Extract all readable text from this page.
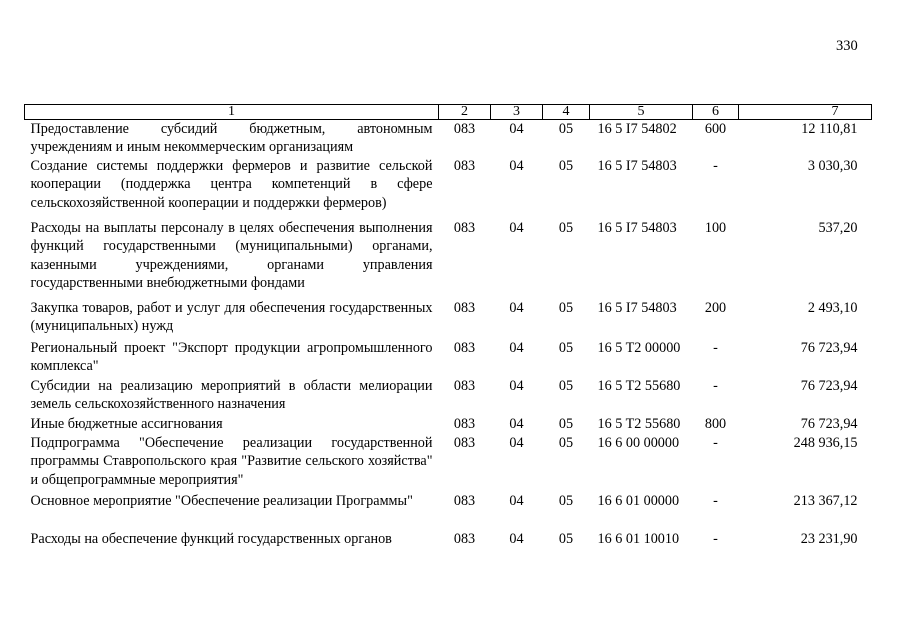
330
1	2	3	4	5	6	7
Предоставление субсидий бюджетным, автономным учреждениям и иным некоммерческим организациям	083	04	05	16 5 I7 54802	600	12 110,81
Создание системы поддержки фермеров и развитие сельской кооперации (поддержка центра компетенций в сфере сельскохозяйственной кооперации и поддержки фермеров)	083	04	05	16 5 I7 54803	-	3 030,30
Расходы на выплаты персоналу в целях обеспечения выполнения функций государственными (муниципальными) органами, казенными учреждениями, органами управления государственными внебюджетными фондами	083	04	05	16 5 I7 54803	100	537,20
Закупка товаров, работ и услуг для обеспечения государственных (муниципальных) нужд	083	04	05	16 5 I7 54803	200	2 493,10
Региональный проект "Экспорт продукции агропромышленного комплекса"	083	04	05	16 5 T2 00000	-	76 723,94
Субсидии на реализацию мероприятий в области мелиорации земель сельскохозяйственного назначения	083	04	05	16 5 T2 55680	-	76 723,94
Иные бюджетные ассигнования	083	04	05	16 5 T2 55680	800	76 723,94
Подпрограмма "Обеспечение реализации государственной программы Ставропольского края "Развитие сельского хозяйства" и общепрограммные мероприятия"	083	04	05	16 6 00 00000	-	248 936,15
Основное мероприятие "Обеспечение реализации Программы"	083	04	05	16 6 01 00000	-	213 367,12
Расходы на обеспечение функций государственных органов	083	04	05	16 6 01 10010	-	23 231,90
